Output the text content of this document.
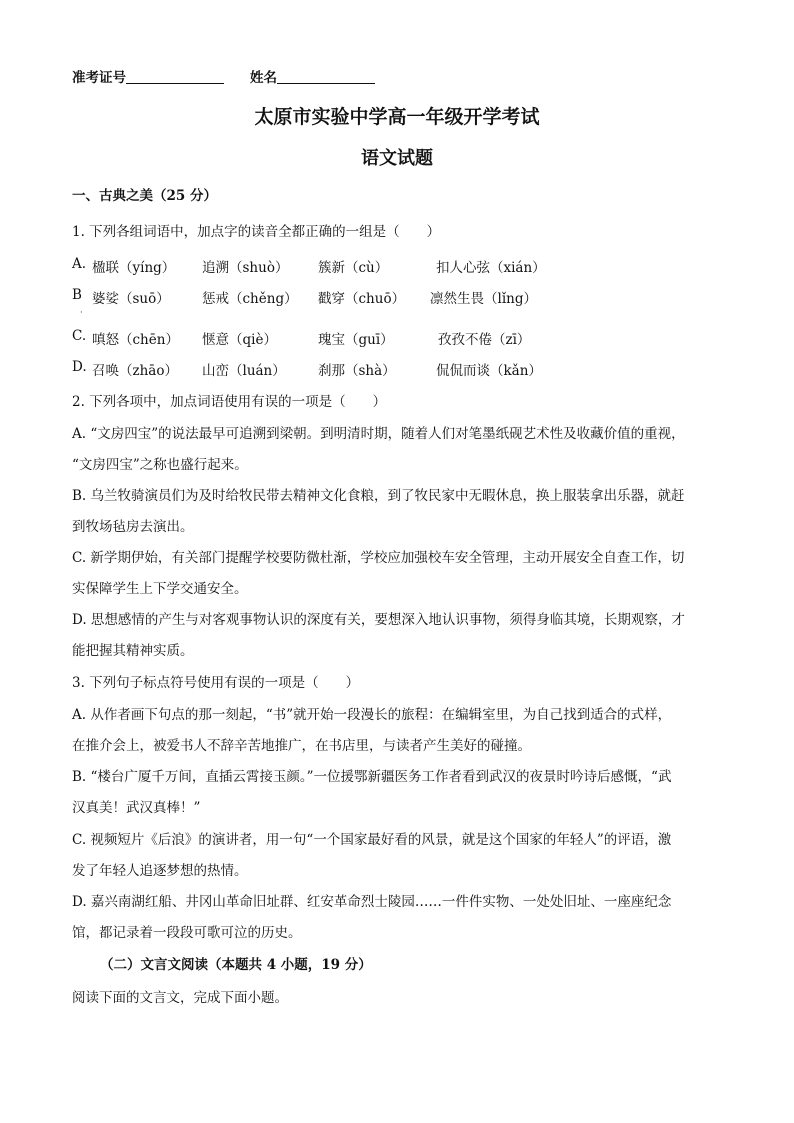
准考证号	姓名
太原市实验中学高一年级开学考试
语文试题
一、古典之美（25 分）
1. 下列各组词语中，加点字的读音全都正确的一组是（　　）
A. 楹联（yíng） 追溯（shuò） 簇新（cù）	扣人心弦（xián）
B 婆娑（suō） 惩戒（chěng） 戳穿（chuō） 凛然生畏（lǐng）
·
C. 嗔怒（chēn） 惬意（qiè）	瑰宝（guī）	孜孜不倦（zī）
D. 召唤（zhāo） 山峦（luán） 刹那（shà）	侃侃而谈（kǎn）
2. 下列各项中，加点词语使用有误的一项是（　　）
A. “文房四宝”的说法最早可追溯到梁朝。到明清时期，随着人们对笔墨纸砚艺术性及收藏价值的重视，
“文房四宝”之称也盛行起来。
B. 乌兰牧骑演员们为及时给牧民带去精神文化食粮，到了牧民家中无暇休息，换上服装拿出乐器，就赶
到牧场毡房去演出。
C. 新学期伊始，有关部门提醒学校要防微杜渐，学校应加强校车安全管理，主动开展安全自查工作，切
实保障学生上下学交通安全。
D. 思想感情的产生与对客观事物认识的深度有关，要想深入地认识事物，须得身临其境，长期观察，才
能把握其精神实质。
3. 下列句子标点符号使用有误的一项是（　　）
A. 从作者画下句点的那一刻起，“书”就开始一段漫长的旅程：在编辑室里，为自己找到适合的式样，
在推介会上，被爱书人不辞辛苦地推广，在书店里，与读者产生美好的碰撞。
B. “楼台广厦千万间，直插云霄接玉颜。”一位援鄂新疆医务工作者看到武汉的夜景时吟诗后感慨，“武
汉真美！武汉真棒！”
C. 视频短片《后浪》的演讲者，用一句“一个国家最好看的风景，就是这个国家的年轻人”的评语，激
发了年轻人追逐梦想的热情。
D. 嘉兴南湖红船、井冈山革命旧址群、红安革命烈士陵园……一件件实物、一处处旧址、一座座纪念
馆，都记录着一段段可歌可泣的历史。
（二）文言文阅读（本题共 4 小题，19 分）
阅读下面的文言文，完成下面小题。
